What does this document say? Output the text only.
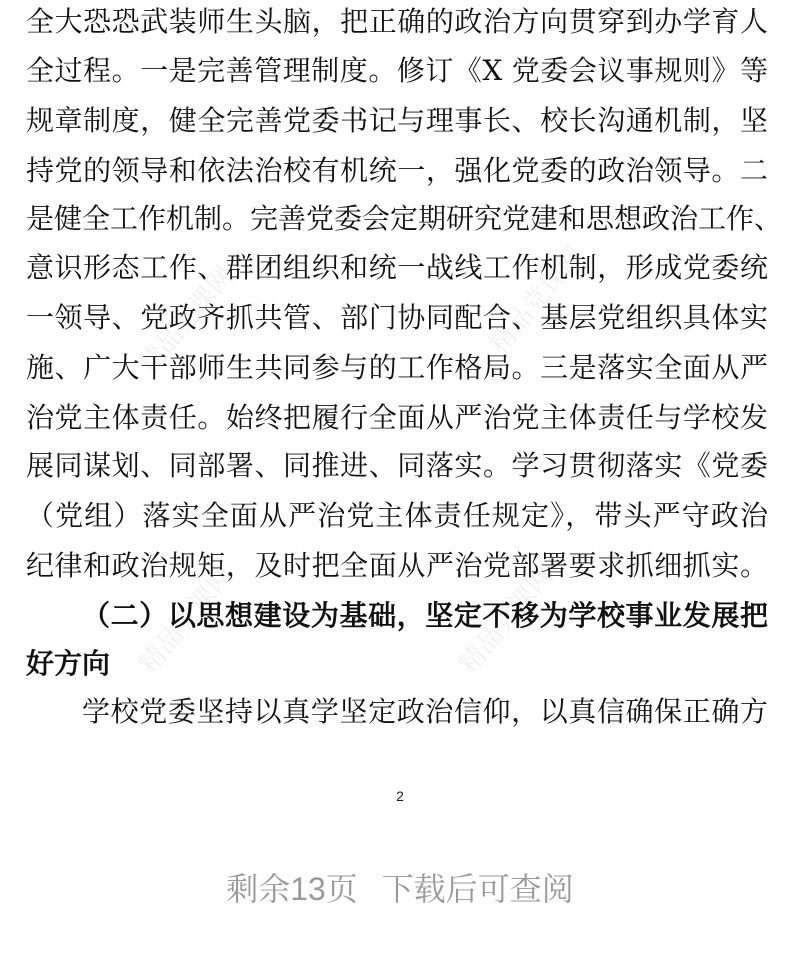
精品党课网	精品党课网
精品党课网	精品党课网
全大恐恐武装师生头脑，把正确的政治方向贯穿到办学育人
全过程。一是完善管理制度。修订《X 党委会议事规则》等
规章制度，健全完善党委书记与理事长、校长沟通机制，坚
持党的领导和依法治校有机统一，强化党委的政治领导。二
是健全工作机制。完善党委会定期研究党建和思想政治工作、
意识形态工作、群团组织和统一战线工作机制，形成党委统
一领导、党政齐抓共管、部门协同配合、基层党组织具体实
施、广大干部师生共同参与的工作格局。三是落实全面从严
治党主体责任。始终把履行全面从严治党主体责任与学校发
展同谋划、同部署、同推进、同落实。学习贯彻落实《党委
（党组）落实全面从严治党主体责任规定》，带头严守政治
纪律和政治规矩，及时把全面从严治党部署要求抓细抓实。
（二）以思想建设为基础，坚定不移为学校事业发展把
好方向
学校党委坚持以真学坚定政治信仰，以真信确保正确方
2
剩余13页 下载后可查阅
